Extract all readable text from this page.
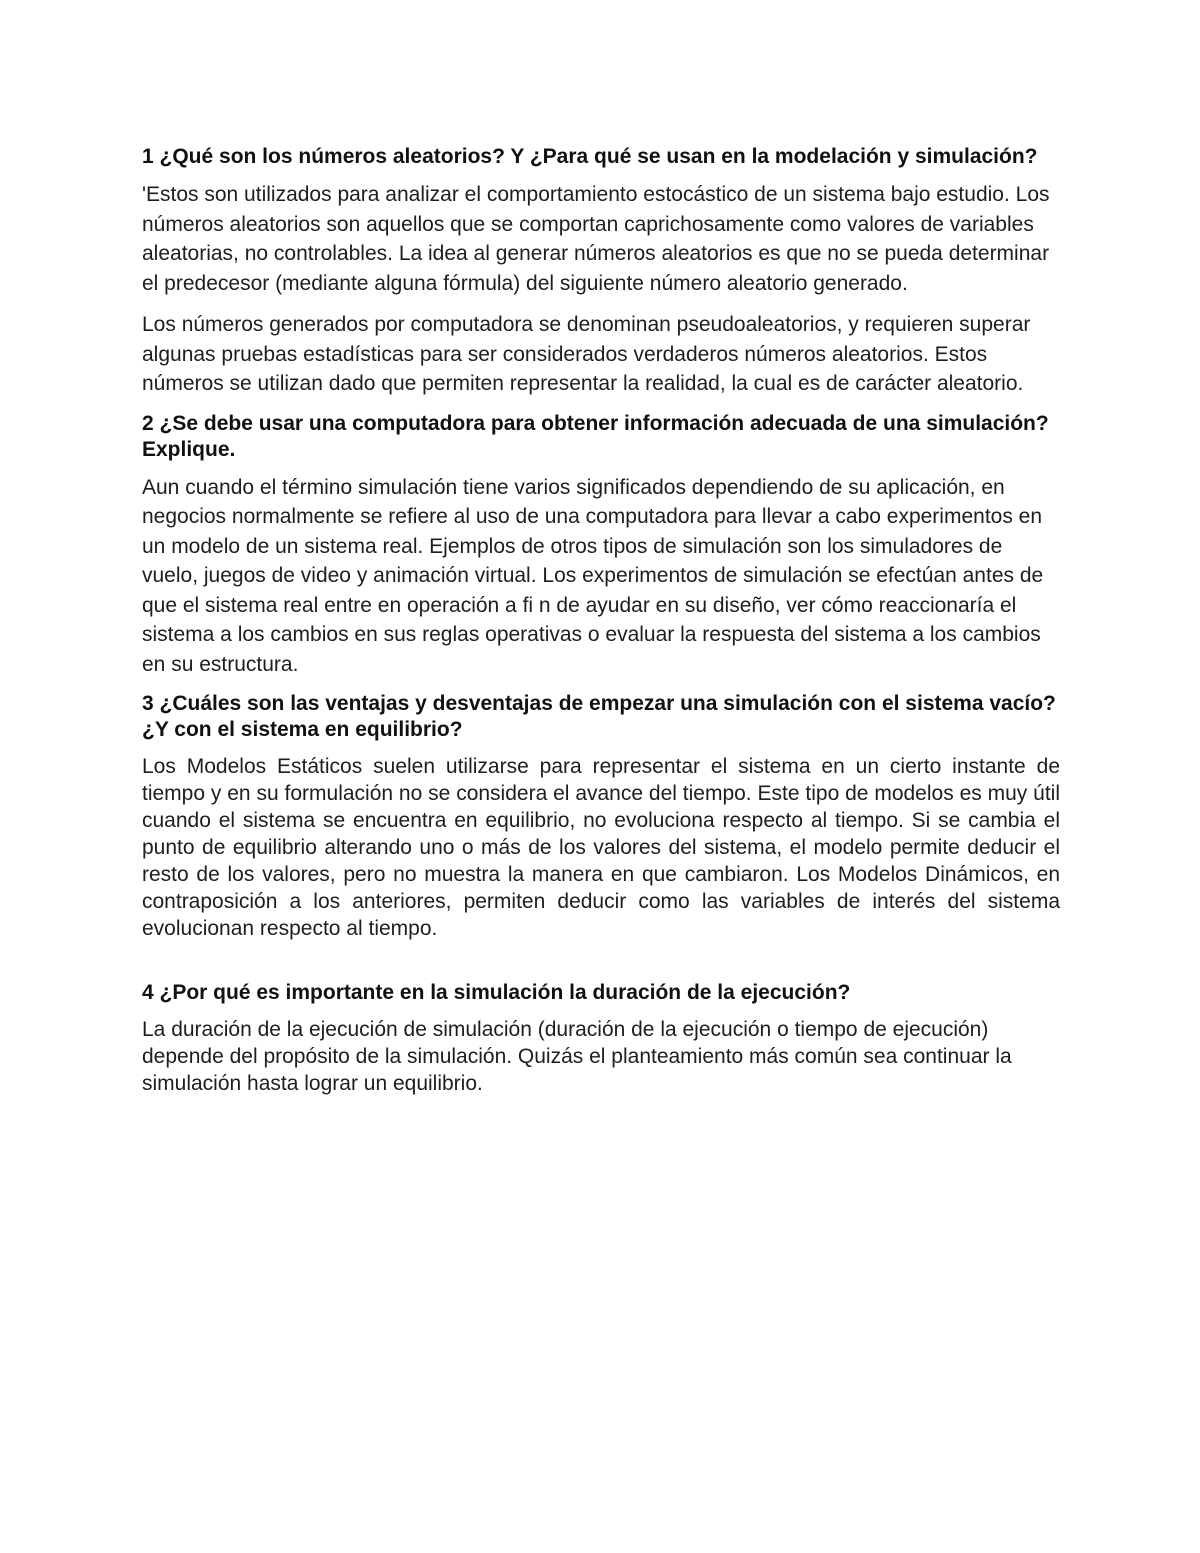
1 ¿Qué son los números aleatorios? Y ¿Para qué se usan en la modelación y simulación?
'Estos son utilizados para analizar el comportamiento estocástico de un sistema bajo estudio. Los números aleatorios son aquellos que se comportan caprichosamente como valores de variables aleatorias, no controlables. La idea al generar números aleatorios es que no se pueda determinar el predecesor (mediante alguna fórmula) del siguiente número aleatorio generado.
Los números generados por computadora se denominan pseudoaleatorios, y requieren superar algunas pruebas estadísticas para ser considerados verdaderos números aleatorios. Estos números se utilizan dado que permiten representar la realidad, la cual es de carácter aleatorio.
2 ¿Se debe usar una computadora para obtener información adecuada de una simulación? Explique.
Aun cuando el término simulación tiene varios significados dependiendo de su aplicación, en negocios normalmente se refiere al uso de una computadora para llevar a cabo experimentos en un modelo de un sistema real. Ejemplos de otros tipos de simulación son los simuladores de vuelo, juegos de video y animación virtual. Los experimentos de simulación se efectúan antes de que el sistema real entre en operación a fi n de ayudar en su diseño, ver cómo reaccionaría el sistema a los cambios en sus reglas operativas o evaluar la respuesta del sistema a los cambios en su estructura.
3 ¿Cuáles son las ventajas y desventajas de empezar una simulación con el sistema vacío? ¿Y con el sistema en equilibrio?
Los Modelos Estáticos suelen utilizarse para representar el sistema en un cierto instante de tiempo y en su formulación no se considera el avance del tiempo. Este tipo de modelos es muy útil cuando el sistema se encuentra en equilibrio, no evoluciona respecto al tiempo. Si se cambia el punto de equilibrio alterando uno o más de los valores del sistema, el modelo permite deducir el resto de los valores, pero no muestra la manera en que cambiaron. Los Modelos Dinámicos, en contraposición a los anteriores, permiten deducir como las variables de interés del sistema evolucionan respecto al tiempo.
4 ¿Por qué es importante en la simulación la duración de la ejecución?
La duración de la ejecución de simulación (duración de la ejecución o tiempo de ejecución) depende del propósito de la simulación. Quizás el planteamiento más común sea continuar la simulación hasta lograr un equilibrio.
